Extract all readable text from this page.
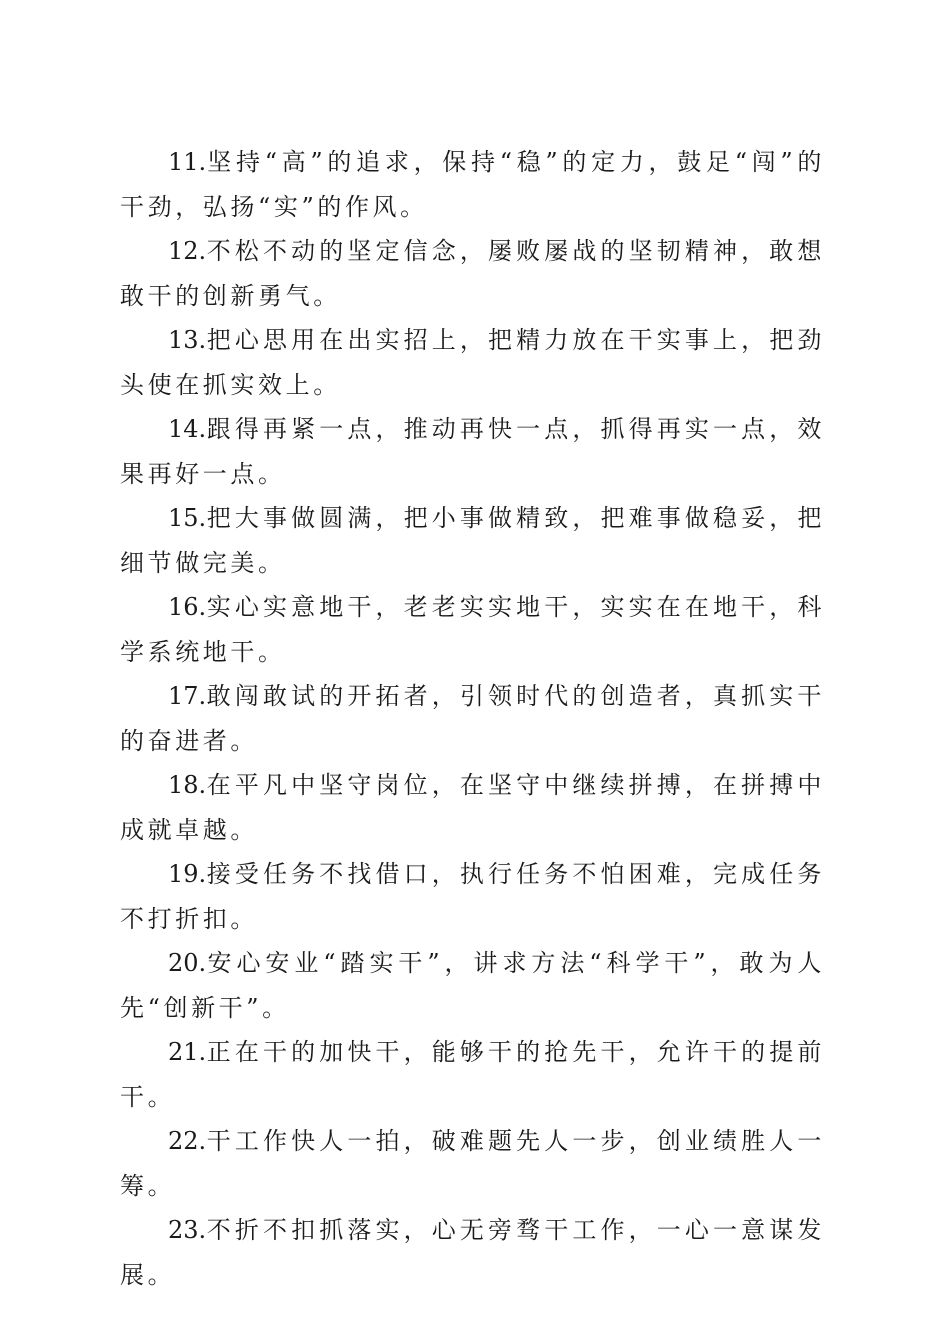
11.坚持“高”的追求，保持“稳”的定力，鼓足“闯”的干劲，弘扬“实”的作风。

12.不松不动的坚定信念，屡败屡战的坚韧精神，敢想敢干的创新勇气。

13.把心思用在出实招上，把精力放在干实事上，把劲头使在抓实效上。

14.跟得再紧一点，推动再快一点，抓得再实一点，效果再好一点。

15.把大事做圆满，把小事做精致，把难事做稳妥，把细节做完美。

16.实心实意地干，老老实实地干，实实在在地干，科学系统地干。

17.敢闯敢试的开拓者，引领时代的创造者，真抓实干的奋进者。

18.在平凡中坚守岗位，在坚守中继续拼搏，在拼搏中成就卓越。

19.接受任务不找借口，执行任务不怕困难，完成任务不打折扣。

20.安心安业“踏实干”，讲求方法“科学干”，敢为人先“创新干”。

21.正在干的加快干，能够干的抢先干，允许干的提前干。

22.干工作快人一拍，破难题先人一步，创业绩胜人一筹。

23.不折不扣抓落实，心无旁骛干工作，一心一意谋发展。
